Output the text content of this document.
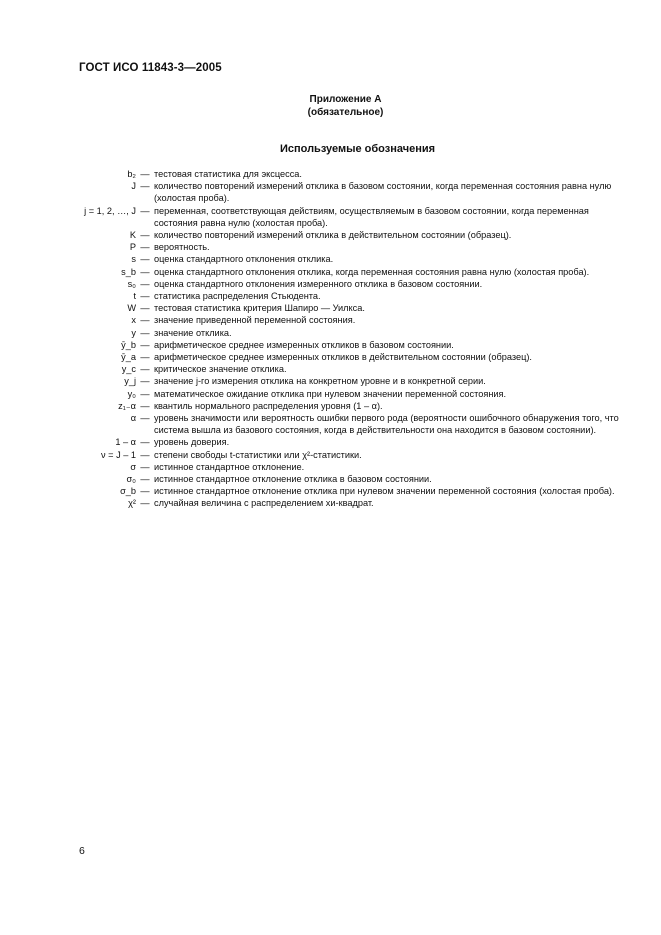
ГОСТ ИСО 11843-3—2005
Приложение А
(обязательное)
Используемые обозначения
b₂ — тестовая статистика для эксцесса.
J — количество повторений измерений отклика в базовом состоянии, когда переменная состояния равна нулю (холостая проба).
j = 1, 2, …, J — переменная, соответствующая действиям, осуществляемым в базовом состоянии, когда переменная состояния равна нулю (холостая проба).
K — количество повторений измерений отклика в действительном состоянии (образец).
P — вероятность.
s — оценка стандартного отклонения отклика.
s_b — оценка стандартного отклонения отклика, когда переменная состояния равна нулю (холостая проба).
s₀ — оценка стандартного отклонения измеренного отклика в базовом состоянии.
t — статистика распределения Стьюдента.
W — тестовая статистика критерия Шапиро — Уилкса.
x — значение приведенной переменной состояния.
y — значение отклика.
ȳ_b — арифметическое среднее измеренных откликов в базовом состоянии.
ȳ_a — арифметическое среднее измеренных откликов в действительном состоянии (образец).
y_c — критическое значение отклика.
y_j — значение j-го измерения отклика на конкретном уровне и в конкретной серии.
y₀ — математическое ожидание отклика при нулевом значении переменной состояния.
z₁₋α — квантиль нормального распределения уровня (1 – α).
α — уровень значимости или вероятность ошибки первого рода (вероятности ошибочного обнаружения того, что система вышла из базового состояния, когда в действительности она находится в базовом состоянии).
1 – α — уровень доверия.
ν = J – 1 — степени свободы t-статистики или χ²-статистики.
σ — истинное стандартное отклонение.
σ₀ — истинное стандартное отклонение отклика в базовом состоянии.
σ_b — истинное стандартное отклонение отклика при нулевом значении переменной состояния (холостая проба).
χ² — случайная величина с распределением хи-квадрат.
6
